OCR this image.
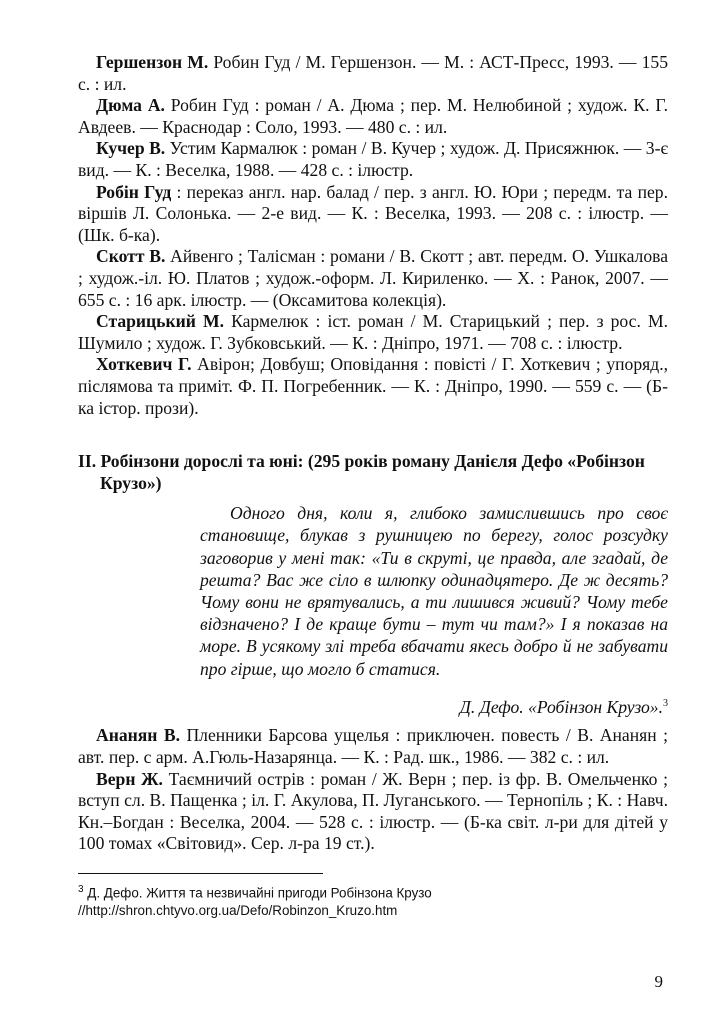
Гершензон М. Робин Гуд / М. Гершензон. — М. : АСТ-Пресс, 1993. — 155 с. : ил.

Дюма А. Робин Гуд : роман / А. Дюма ; пер. М. Нелюбиной ; худож. К. Г. Авдеев. — Краснодар : Соло, 1993. — 480 с. : ил.

Кучер В. Устим Кармалюк : роман / В. Кучер ; худож. Д. Присяжнюк. — 3-є вид. — К. : Веселка, 1988. — 428 с. : ілюстр.

Робін Гуд : переказ англ. нар. балад / пер. з англ. Ю. Юри ; передм. та пер. віршів Л. Солонька. — 2-е вид. — К. : Веселка, 1993. — 208 с. : ілюстр. — (Шк. б-ка).

Скотт В. Айвенго ; Талісман : романи / В. Скотт ; авт. передм. О. Ушкалова ; худож.-іл. Ю. Платов ; худож.-оформ. Л. Кириленко. — Х. : Ранок, 2007. — 655 с. : 16 арк. ілюстр. — (Оксамитова колекція).

Старицький М. Кармелюк : іст. роман / М. Старицький ; пер. з рос. М. Шумило ; худож. Г. Зубковський. — К. : Дніпро, 1971. — 708 с. : ілюстр.

Хоткевич Г. Авірон; Довбуш; Оповідання : повісті / Г. Хоткевич ; упоряд., післямова та приміт. Ф. П. Погребенник. — К. : Дніпро, 1990. — 559 с. — (Б-ка істор. прози).

ІІ. Робінзони дорослі та юні: (295 років роману Данієля Дефо «Робінзон Крузо»)

Одного дня, коли я, глибоко замислившись про своє становище, блукав з рушницею по берегу, голос розсудку заговорив у мені так: «Ти в скруті, це правда, але згадай, де решта? Вас же сіло в шлюпку одинадцятеро. Де ж десять? Чому вони не врятувались, а ти лишився живий? Чому тебе відзначено? І де краще бути – тут чи там?» І я показав на море. В усякому злі треба вбачати якесь добро й не забувати про гірше, що могло б статися.

Д. Дефо. «Робінзон Крузо».$^3$

Ананян В. Пленники Барсова ущелья : приключен. повесть / В. Ананян ; авт. пер. с арм. А.Гюль-Назарянца. — К. : Рад. шк., 1986. — 382 с. : ил.

Верн Ж. Таємничий острів : роман / Ж. Верн ; пер. із фр. В. Омельченко ; вступ сл. В. Пащенка ; іл. Г. Акулова, П. Луганського. — Тернопіль ; К. : Навч. Кн.–Богдан : Веселка, 2004. — 528 с. : ілюстр. — (Б-ка світ. л-ри для дітей у 100 томах «Світовид». Сер. л-ра 19 ст.).

$^3$ Д. Дефо. Життя та незвичайні пригоди Робінзона Крузо //http://shron.chtyvo.org.ua/Defo/Robinzon_Kruzo.htm

9
